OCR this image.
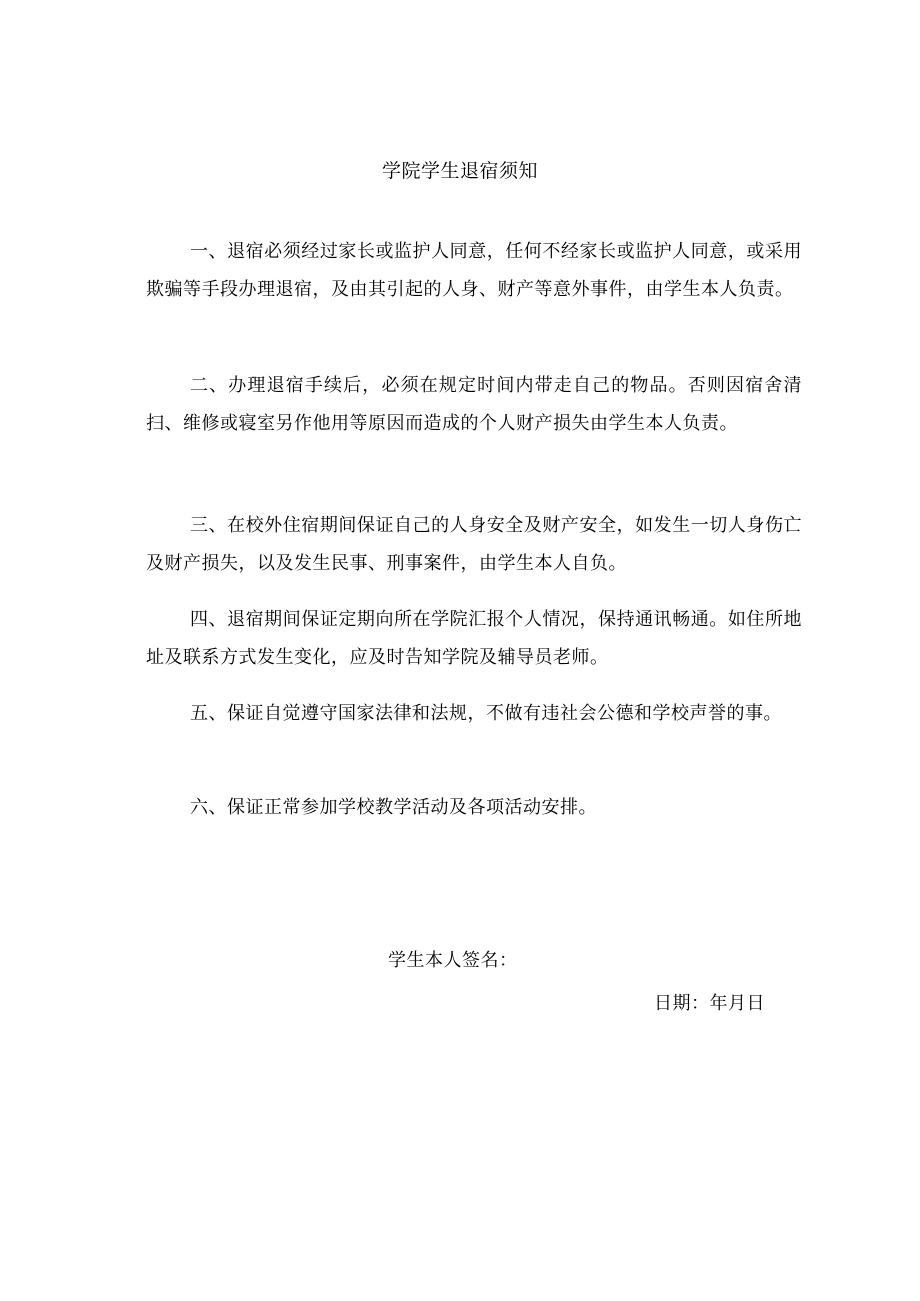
学院学生退宿须知
一、退宿必须经过家长或监护人同意，任何不经家长或监护人同意，或采用欺骗等手段办理退宿，及由其引起的人身、财产等意外事件，由学生本人负责。
二、办理退宿手续后，必须在规定时间内带走自己的物品。否则因宿舍清扫、维修或寝室另作他用等原因而造成的个人财产损失由学生本人负责。
三、在校外住宿期间保证自己的人身安全及财产安全，如发生一切人身伤亡及财产损失，以及发生民事、刑事案件，由学生本人自负。
四、退宿期间保证定期向所在学院汇报个人情况，保持通讯畅通。如住所地址及联系方式发生变化，应及时告知学院及辅导员老师。
五、保证自觉遵守国家法律和法规，不做有违社会公德和学校声誉的事。
六、保证正常参加学校教学活动及各项活动安排。
学生本人签名：
日期：年月日
